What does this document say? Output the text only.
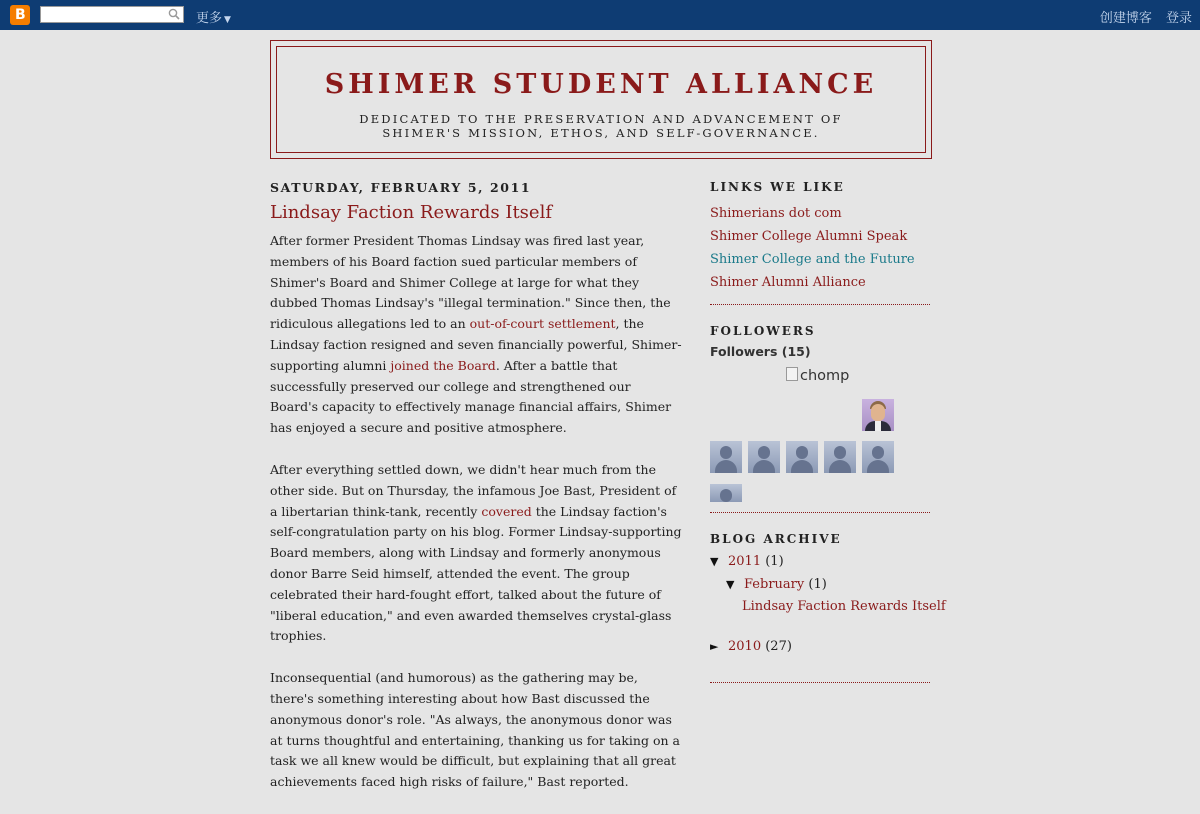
B	更多 ▼	创建博客 登录
SHIMER STUDENT ALLIANCE
DEDICATED TO THE PRESERVATION AND ADVANCEMENT OF SHIMER'S MISSION, ETHOS, AND SELF-GOVERNANCE.
SATURDAY, FEBRUARY 5, 2011
Lindsay Faction Rewards Itself

After former President Thomas Lindsay was fired last year, members of his Board faction sued particular members of Shimer's Board and Shimer College at large for what they dubbed Thomas Lindsay's "illegal termination." Since then, the ridiculous allegations led to an out-of-court settlement, the Lindsay faction resigned and seven financially powerful, Shimer-supporting alumni joined the Board. After a battle that successfully preserved our college and strengthened our Board's capacity to effectively manage financial affairs, Shimer has enjoyed a secure and positive atmosphere.

After everything settled down, we didn't hear much from the other side. But on Thursday, the infamous Joe Bast, President of a libertarian think-tank, recently covered the Lindsay faction's self-congratulation party on his blog. Former Lindsay-supporting Board members, along with Lindsay and formerly anonymous donor Barre Seid himself, attended the event. The group celebrated their hard-fought effort, talked about the future of "liberal education," and even awarded themselves crystal-glass trophies.

Inconsequential (and humorous) as the gathering may be, there's something interesting about how Bast discussed the anonymous donor's role. "As always, the anonymous donor was at turns thoughtful and entertaining, thanking us for taking on a task we all knew would be difficult, but explaining that all great achievements faced high risks of failure," Bast reported.

LINKS WE LIKE
Shimerians dot com
Shimer College Alumni Speak
Shimer College and the Future
Shimer Alumni Alliance
FOLLOWERS
Followers (15)
chomp
BLOG ARCHIVE
▼ 2011 (1)
▼ February (1)
Lindsay Faction Rewards Itself
► 2010 (27)
